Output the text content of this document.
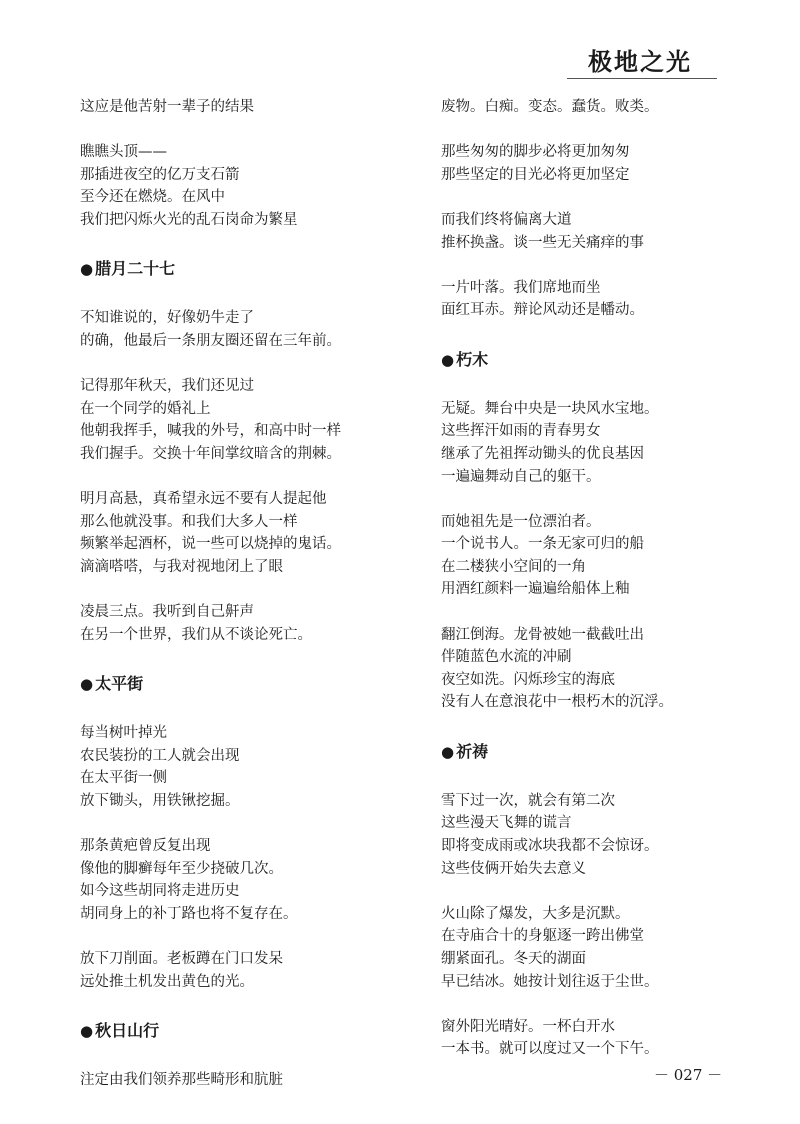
极地之光
这应是他苦射一辈子的结果
瞧瞧头顶——
那插进夜空的亿万支石箭
至今还在燃烧。在风中
我们把闪烁火光的乱石岗命为繁星
● 腊月二十七
不知谁说的，好像奶牛走了
的确，他最后一条朋友圈还留在三年前。
记得那年秋天，我们还见过
在一个同学的婚礼上
他朝我挥手，喊我的外号，和高中时一样
我们握手。交换十年间掌纹暗含的荆棘。
明月高悬，真希望永远不要有人提起他
那么他就没事。和我们大多人一样
频繁举起酒杯，说一些可以烧掉的鬼话。
滴滴嗒嗒，与我对视地闭上了眼
凌晨三点。我听到自己鼾声
在另一个世界，我们从不谈论死亡。
● 太平街
每当树叶掉光
农民装扮的工人就会出现
在太平街一侧
放下锄头，用铁锹挖掘。
那条黄疤曾反复出现
像他的脚癣每年至少挠破几次。
如今这些胡同将走进历史
胡同身上的补丁路也将不复存在。
放下刀削面。老板蹲在门口发呆
远处推土机发出黄色的光。
● 秋日山行
注定由我们领养那些畸形和肮脏
废物。白痴。变态。蠢货。败类。
那些匆匆的脚步必将更加匆匆
那些坚定的目光必将更加坚定
而我们终将偏离大道
推杯换盏。谈一些无关痛痒的事
一片叶落。我们席地而坐
面红耳赤。辩论风动还是幡动。
● 朽木
无疑。舞台中央是一块风水宝地。
这些挥汗如雨的青春男女
继承了先祖挥动锄头的优良基因
一遍遍舞动自己的躯干。
而她祖先是一位漂泊者。
一个说书人。一条无家可归的船
在二楼狭小空间的一角
用酒红颜料一遍遍给船体上釉
翻江倒海。龙骨被她一截截吐出
伴随蓝色水流的冲刷
夜空如洗。闪烁珍宝的海底
没有人在意浪花中一根朽木的沉浮。
● 祈祷
雪下过一次，就会有第二次
这些漫天飞舞的谎言
即将变成雨或冰块我都不会惊讶。
这些伎俩开始失去意义
火山除了爆发，大多是沉默。
在寺庙合十的身躯逐一跨出佛堂
绷紧面孔。冬天的湖面
早已结冰。她按计划往返于尘世。
窗外阳光晴好。一杯白开水
一本书。就可以度过又一个下午。
－ 027 －
